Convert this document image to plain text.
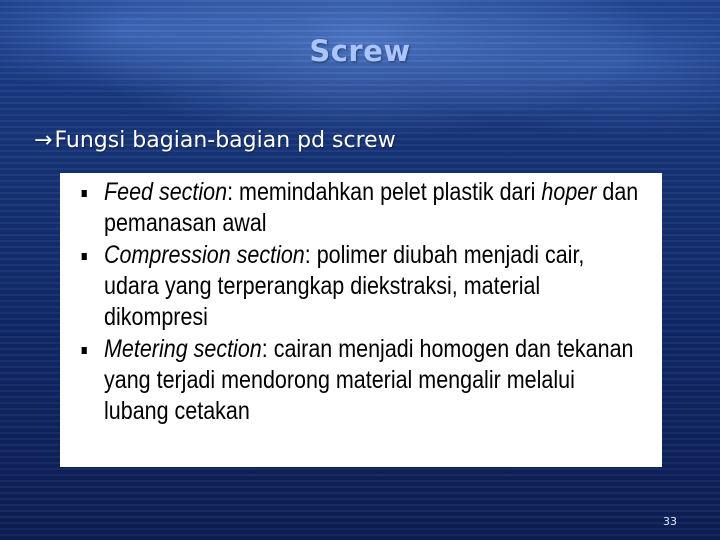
Screw
→ Fungsi bagian-bagian pd screw
Feed section: memindahkan pelet plastik dari hoper dan pemanasan awal
Compression section: polimer diubah menjadi cair, udara yang terperangkap diekstraksi, material dikompresi
Metering section: cairan menjadi homogen dan tekanan yang terjadi mendorong material mengalir melalui lubang cetakan
33
